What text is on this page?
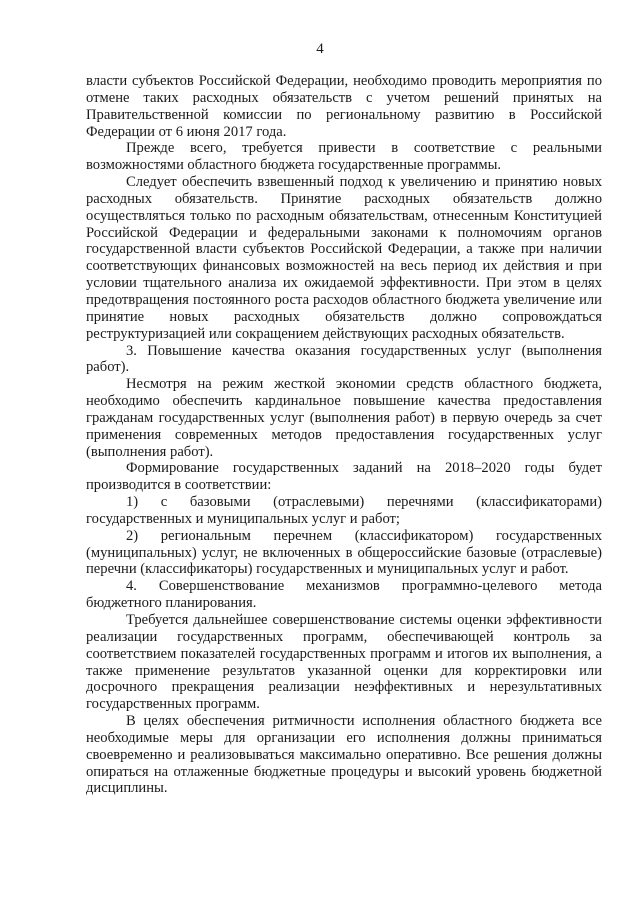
4

власти субъектов Российской Федерации, необходимо проводить мероприятия по отмене таких расходных обязательств с учетом решений принятых на Правительственной комиссии по региональному развитию в Российской Федерации от 6 июня 2017 года.

Прежде всего, требуется привести в соответствие с реальными возможностями областного бюджета государственные программы.

Следует обеспечить взвешенный подход к увеличению и принятию новых расходных обязательств. Принятие расходных обязательств должно осуществляться только по расходным обязательствам, отнесенным Конституцией Российской Федерации и федеральными законами к полномочиям органов государственной власти субъектов Российской Федерации, а также при наличии соответствующих финансовых возможностей на весь период их действия и при условии тщательного анализа их ожидаемой эффективности. При этом в целях предотвращения постоянного роста расходов областного бюджета увеличение или принятие новых расходных обязательств должно сопровождаться реструктуризацией или сокращением действующих расходных обязательств.

3. Повышение качества оказания государственных услуг (выполнения работ).

Несмотря на режим жесткой экономии средств областного бюджета, необходимо обеспечить кардинальное повышение качества предоставления гражданам государственных услуг (выполнения работ) в первую очередь за счет применения современных методов предоставления государственных услуг (выполнения работ).

Формирование государственных заданий на 2018–2020 годы будет производится в соответствии:

1) с базовыми (отраслевыми) перечнями (классификаторами) государственных и муниципальных услуг и работ;

2) региональным перечнем (классификатором) государственных (муниципальных) услуг, не включенных в общероссийские базовые (отраслевые) перечни (классификаторы) государственных и муниципальных услуг и работ.

4. Совершенствование механизмов программно-целевого метода бюджетного планирования.

Требуется дальнейшее совершенствование системы оценки эффективности реализации государственных программ, обеспечивающей контроль за соответствием показателей государственных программ и итогов их выполнения, а также применение результатов указанной оценки для корректировки или досрочного прекращения реализации неэффективных и нерезультативных государственных программ.

В целях обеспечения ритмичности исполнения областного бюджета все необходимые меры для организации его исполнения должны приниматься своевременно и реализовываться максимально оперативно. Все решения должны опираться на отлаженные бюджетные процедуры и высокий уровень бюджетной дисциплины.
